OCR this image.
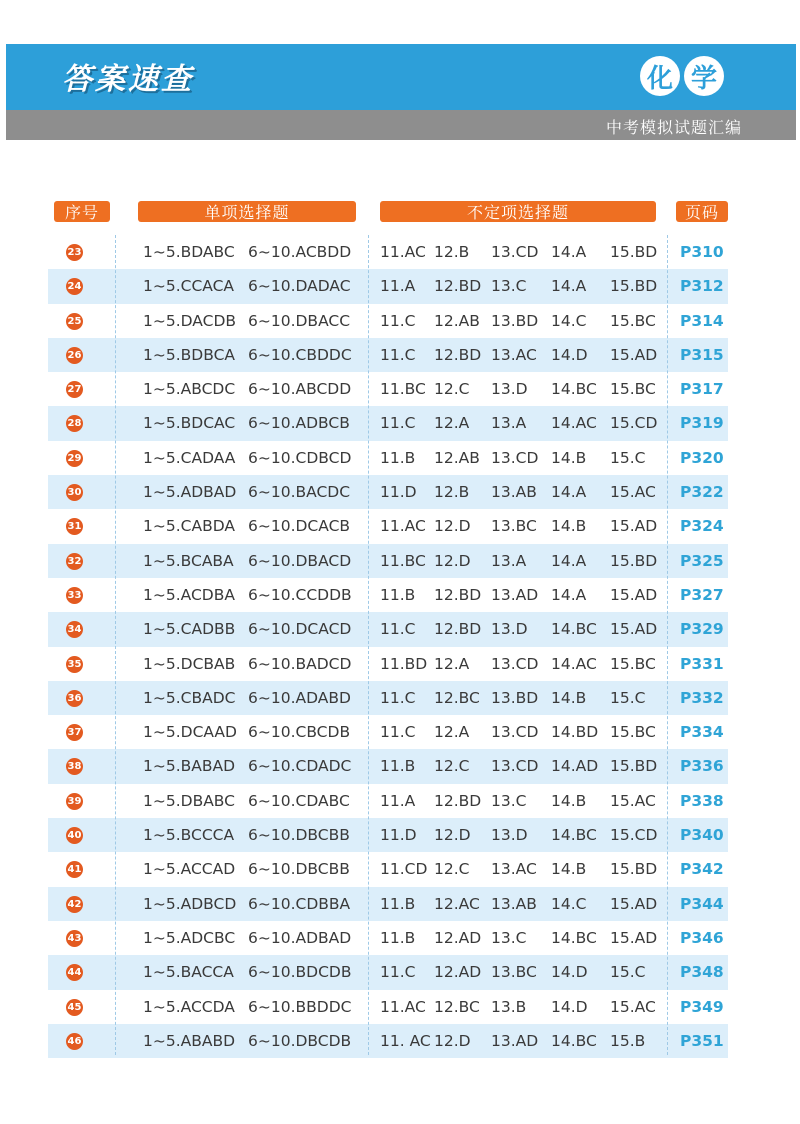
答案速查	化 学
中考模拟试题汇编
序号	单项选择题	不定项选择题	页码
23	1~5.BDABC 6~10.ACBDD 11.AC 12.B 13.CD 14.A 15.BD P310
24	1~5.CCACA 6~10.DADAC 11.A 12.BD 13.C 14.A 15.BD P312
25	1~5.DACDB 6~10.DBACC 11.C 12.AB 13.BD 14.C 15.BC P314
26	1~5.BDBCA 6~10.CBDDC 11.C 12.BD 13.AC 14.D 15.AD P315
27	1~5.ABCDC 6~10.ABCDD 11.BC 12.C 13.D 14.BC 15.BC P317
28	1~5.BDCAC 6~10.ADBCB 11.C 12.A 13.A 14.AC 15.CD P319
29	1~5.CADAA 6~10.CDBCD 11.B 12.AB 13.CD 14.B 15.C P320
30	1~5.ADBAD 6~10.BACDC 11.D 12.B 13.AB 14.A 15.AC P322
31	1~5.CABDA 6~10.DCACB 11.AC 12.D 13.BC 14.B 15.AD P324
32	1~5.BCABA 6~10.DBACD 11.BC 12.D 13.A 14.A 15.BD P325
33	1~5.ACDBA 6~10.CCDDB 11.B 12.BD 13.AD 14.A 15.AD P327
34	1~5.CADBB 6~10.DCACD 11.C 12.BD 13.D 14.BC 15.AD P329
35	1~5.DCBAB 6~10.BADCD 11.BD 12.A 13.CD 14.AC 15.BC P331
36	1~5.CBADC 6~10.ADABD 11.C 12.BC 13.BD 14.B 15.C P332
37	1~5.DCAAD 6~10.CBCDB 11.C 12.A 13.CD 14.BD 15.BC P334
38	1~5.BABAD 6~10.CDADC 11.B 12.C 13.CD 14.AD 15.BD P336
39	1~5.DBABC 6~10.CDABC 11.A 12.BD 13.C 14.B 15.AC P338
40	1~5.BCCCA 6~10.DBCBB 11.D 12.D 13.D 14.BC 15.CD P340
41	1~5.ACCAD 6~10.DBCBB 11.CD 12.C 13.AC 14.B 15.BD P342
42	1~5.ADBCD 6~10.CDBBA 11.B 12.AC 13.AB 14.C 15.AD P344
43	1~5.ADCBC 6~10.ADBAD 11.B 12.AD 13.C 14.BC 15.AD P346
44	1~5.BACCA 6~10.BDCDB 11.C 12.AD 13.BC 14.D 15.C P348
45	1~5.ACCDA 6~10.BBDDC 11.AC 12.BC 13.B 14.D 15.AC P349
46	1~5.ABABD 6~10.DBCDB 11. AC 12.D 13.AD 14.BC 15.B P351
